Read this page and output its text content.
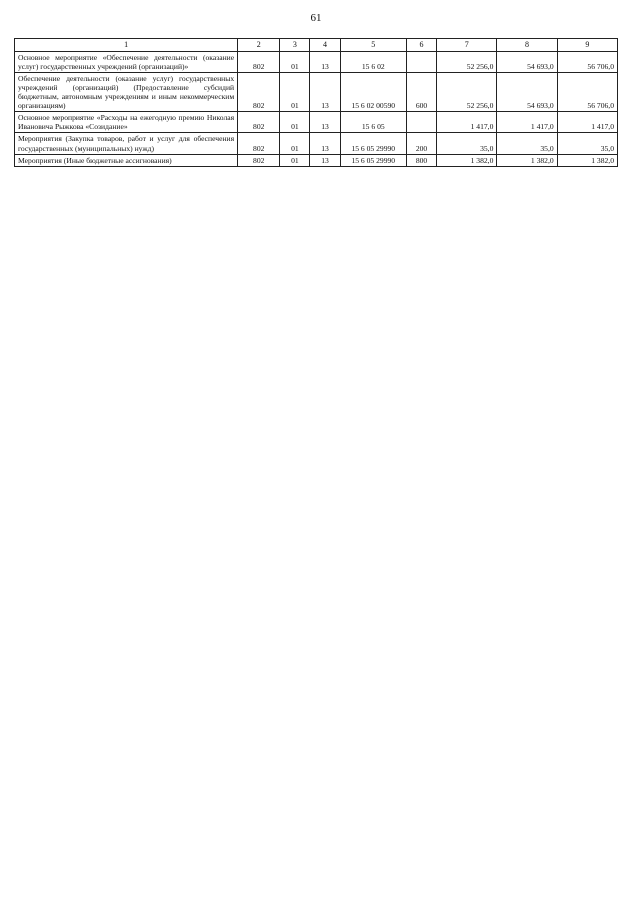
61
1	2	3	4	5	6	7	8	9
Основное мероприятие «Обеспечение деятельности (оказание услуг) государственных учреждений (организаций)»	802	01	13	15 6 02		52 256,0	54 693,0	56 706,0
Обеспечение деятельности (оказание услуг) государственных учреждений (организаций) (Предоставление субсидий бюджетным, автономным учреждениям и иным некоммерческим организациям)	802	01	13	15 6 02 00590	600	52 256,0	54 693,0	56 706,0
Основное мероприятие «Расходы на ежегодную премию Николая Ивановича Рыжкова «Созидание»	802	01	13	15 6 05		1 417,0	1 417,0	1 417,0
Мероприятия (Закупка товаров, работ и услуг для обеспечения государственных (муниципальных) нужд)	802	01	13	15 6 05 29990	200	35,0	35,0	35,0
Мероприятия (Иные бюджетные ассигнования)	802	01	13	15 6 05 29990	800	1 382,0	1 382,0	1 382,0
